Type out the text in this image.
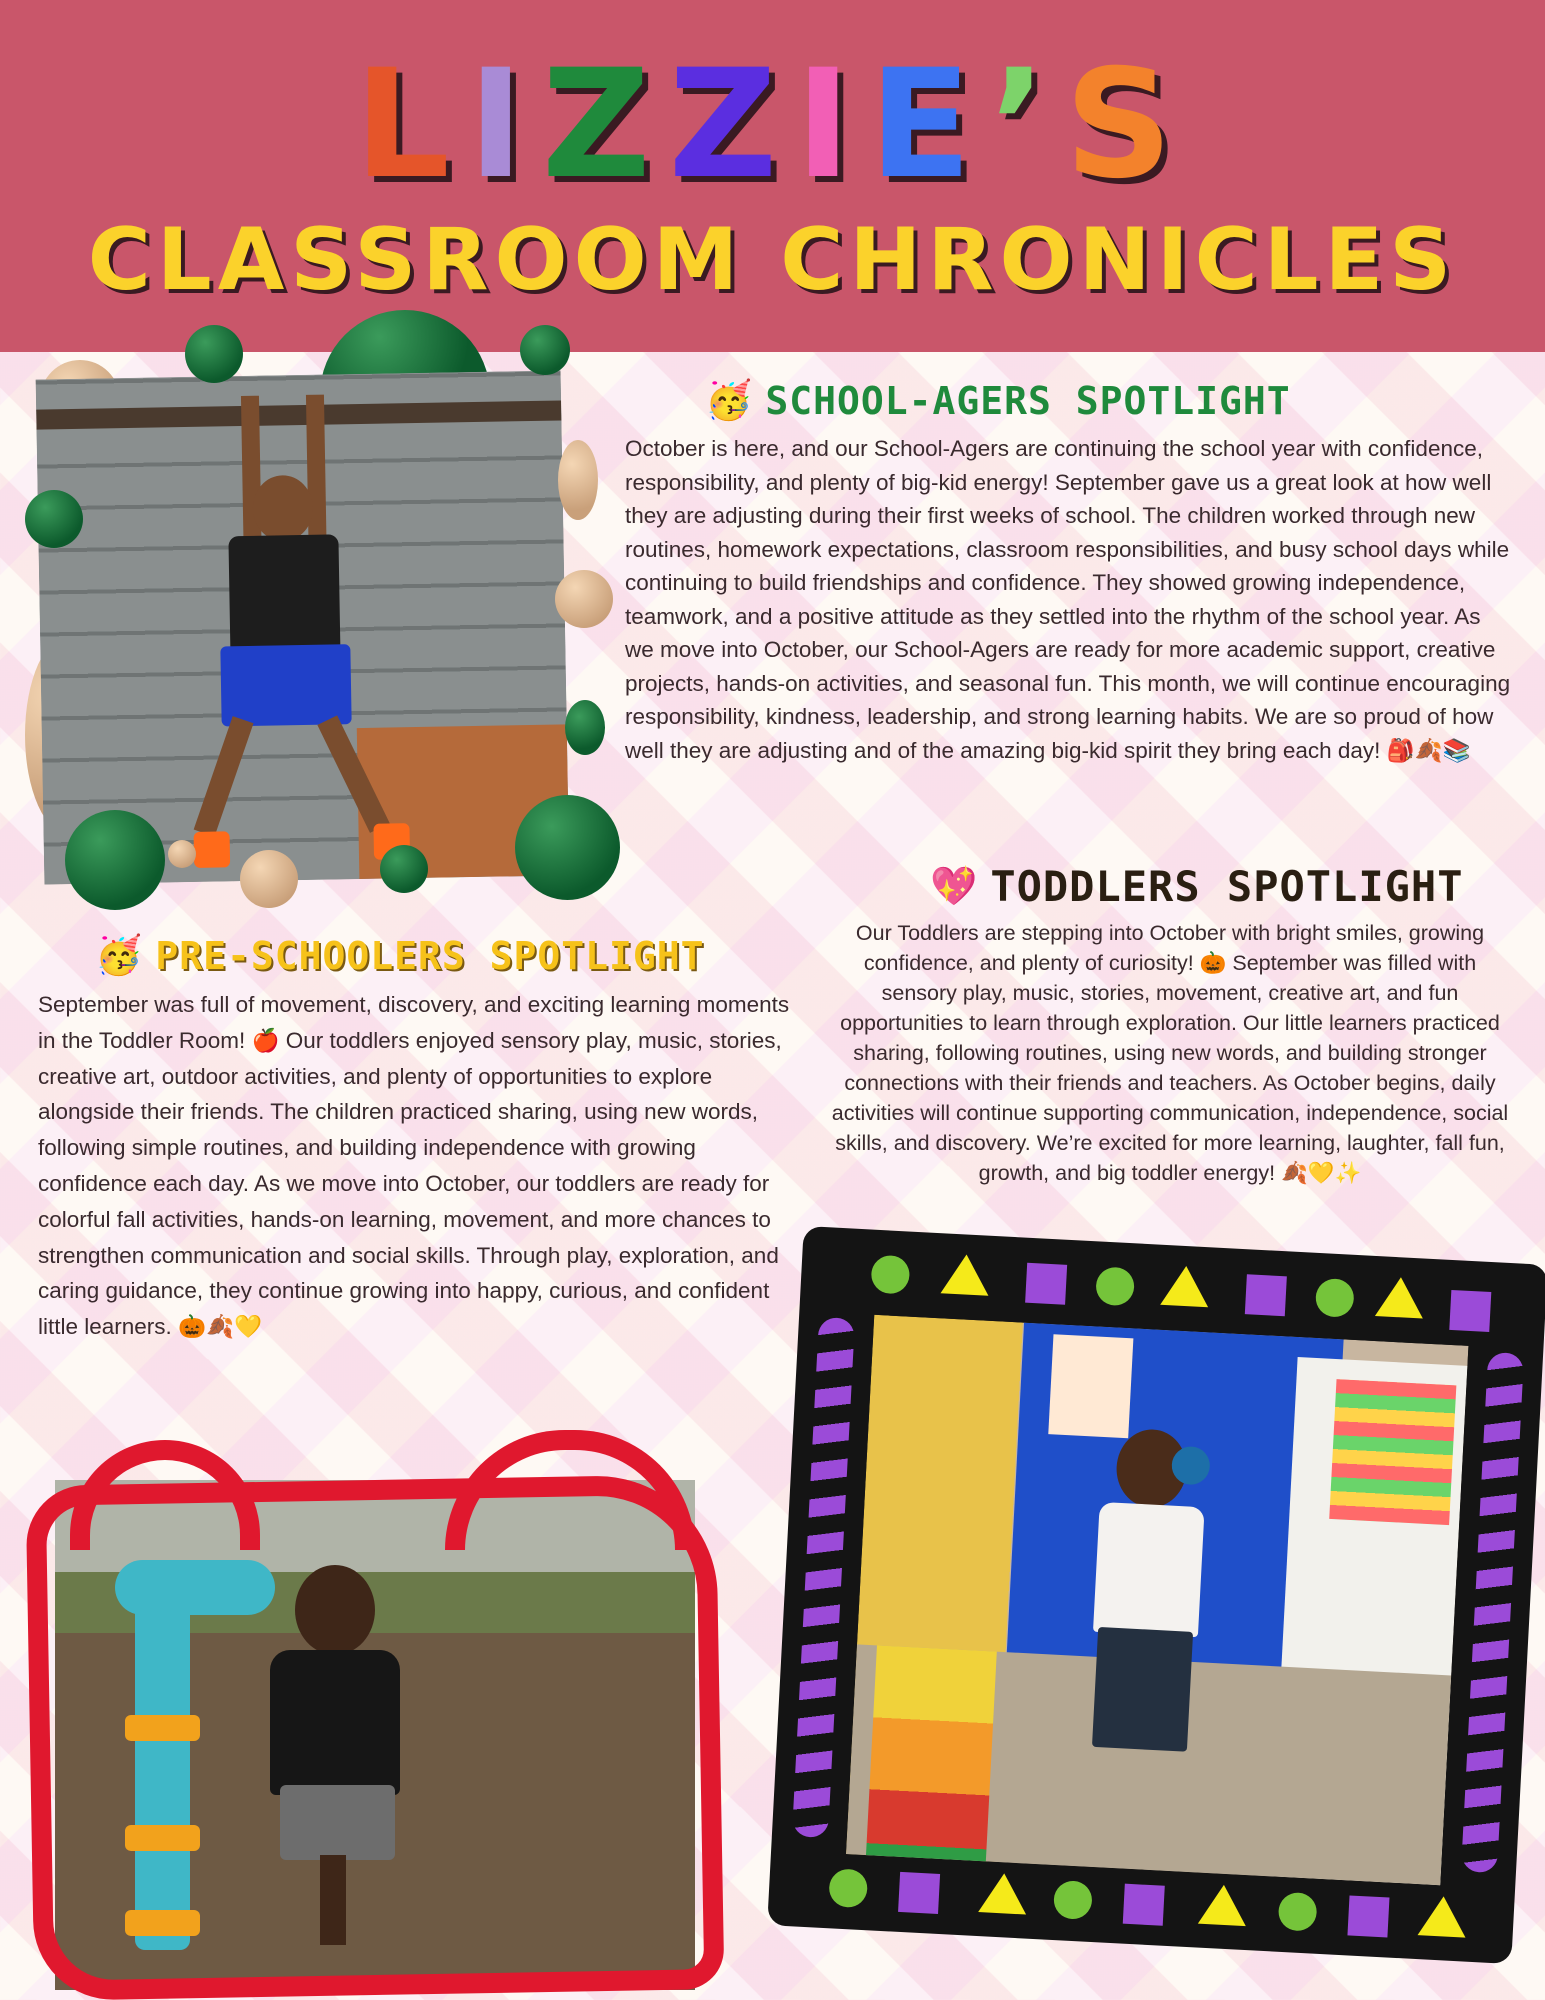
LIZZIE’S
CLASSROOM CHRONICLES
🥳 SCHOOL-AGERS SPOTLIGHT
October is here, and our School-Agers are continuing the school year with confidence, responsibility, and plenty of big-kid energy! September gave us a great look at how well they are adjusting during their first weeks of school. The children worked through new routines, homework expectations, classroom responsibilities, and busy school days while continuing to build friendships and confidence. They showed growing independence, teamwork, and a positive attitude as they settled into the rhythm of the school year. As we move into October, our School-Agers are ready for more academic support, creative projects, hands-on activities, and seasonal fun. This month, we will continue encouraging responsibility, kindness, leadership, and strong learning habits. We are so proud of how well they are adjusting and of the amazing big-kid spirit they bring each day! 🎒🍂📚
💖 TODDLERS SPOTLIGHT
Our Toddlers are stepping into October with bright smiles, growing confidence, and plenty of curiosity! 🎃 September was filled with sensory play, music, stories, movement, creative art, and fun opportunities to learn through exploration. Our little learners practiced sharing, following routines, using new words, and building stronger connections with their friends and teachers. As October begins, daily activities will continue supporting communication, independence, social skills, and discovery. We’re excited for more learning, laughter, fall fun, growth, and big toddler energy! 🍂💛✨
🥳 PRE-SCHOOLERS SPOTLIGHT
September was full of movement, discovery, and exciting learning moments in the Toddler Room! 🍎 Our toddlers enjoyed sensory play, music, stories, creative art, outdoor activities, and plenty of opportunities to explore alongside their friends. The children practiced sharing, using new words, following simple routines, and building independence with growing confidence each day. As we move into October, our toddlers are ready for colorful fall activities, hands-on learning, movement, and more chances to strengthen communication and social skills. Through play, exploration, and caring guidance, they continue growing into happy, curious, and confident little learners. 🎃🍂💛
